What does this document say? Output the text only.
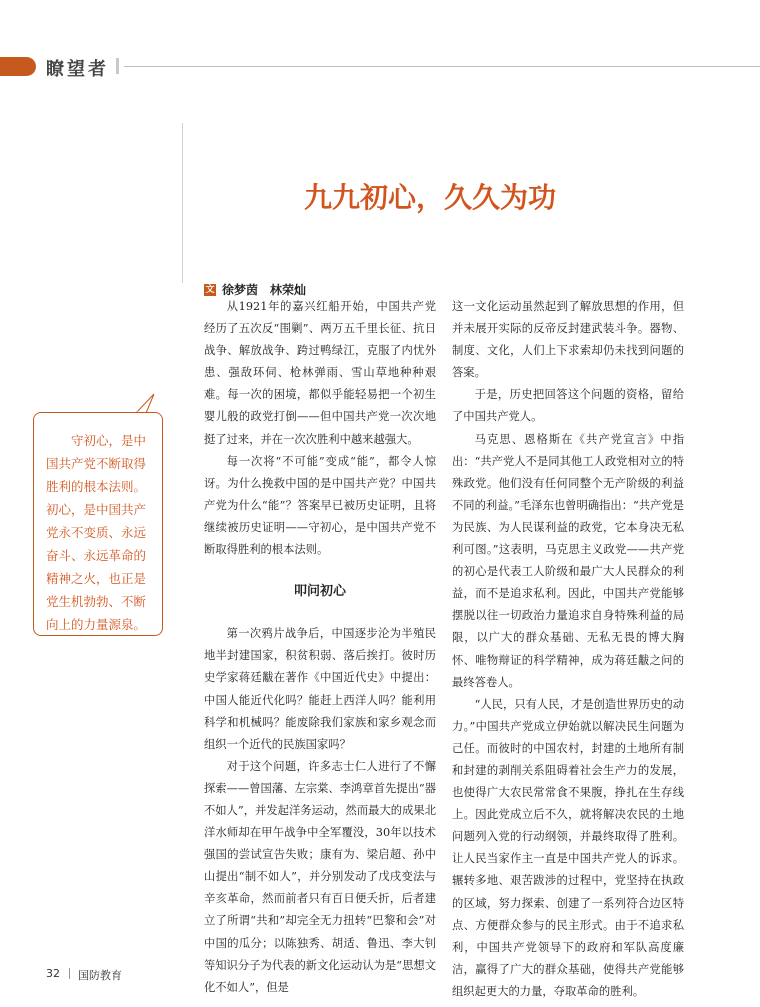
瞭望者
九九初心，久久为功
文 徐梦茵　林荣灿

守初心，是中国共产党不断取得胜利的根本法则。初心，是中国共产党永不变质、永远奋斗、永远革命的精神之火，也正是党生机勃勃、不断向上的力量源泉。

从1921年的嘉兴红船开始，中国共产党经历了五次反“围剿”、两万五千里长征、抗日战争、解放战争、跨过鸭绿江，克服了内忧外患、强敌环伺、枪林弹雨、雪山草地种种艰难。每一次的困境，都似乎能轻易把一个初生婴儿般的政党打倒——但中国共产党一次次地挺了过来，并在一次次胜利中越来越强大。

每一次将“不可能”变成“能”，都令人惊讶。为什么挽救中国的是中国共产党？中国共产党为什么“能”？答案早已被历史证明，且将继续被历史证明——守初心，是中国共产党不断取得胜利的根本法则。

叩问初心

第一次鸦片战争后，中国逐步沦为半殖民地半封建国家，积贫积弱、落后挨打。彼时历史学家蒋廷黻在著作《中国近代史》中提出：中国人能近代化吗？能赶上西洋人吗？能利用科学和机械吗？能废除我们家族和家乡观念而组织一个近代的民族国家吗？

对于这个问题，许多志士仁人进行了不懈探索——曾国藩、左宗棠、李鸿章首先提出“器不如人”，并发起洋务运动，然而最大的成果北洋水师却在甲午战争中全军覆没，30年以技术强国的尝试宣告失败；康有为、梁启超、孙中山提出“制不如人”，并分别发动了戊戌变法与辛亥革命，然而前者只有百日便夭折，后者建立了所谓“共和”却完全无力扭转“巴黎和会”对中国的瓜分；以陈独秀、胡适、鲁迅、李大钊等知识分子为代表的新文化运动认为是“思想文化不如人”，但是

这一文化运动虽然起到了解放思想的作用，但并未展开实际的反帝反封建武装斗争。器物、制度、文化，人们上下求索却仍未找到问题的答案。

于是，历史把回答这个问题的资格，留给了中国共产党人。

马克思、恩格斯在《共产党宣言》中指出：“共产党人不是同其他工人政党相对立的特殊政党。他们没有任何同整个无产阶级的利益不同的利益。”毛泽东也曾明确指出：“共产党是为民族、为人民谋利益的政党，它本身决无私利可图。”这表明，马克思主义政党——共产党的初心是代表工人阶级和最广大人民群众的利益，而不是追求私利。因此，中国共产党能够摆脱以往一切政治力量追求自身特殊利益的局限，以广大的群众基础、无私无畏的博大胸怀、唯物辩证的科学精神，成为蒋廷黻之问的最终答卷人。

“人民，只有人民，才是创造世界历史的动力。”中国共产党成立伊始就以解决民生问题为己任。而彼时的中国农村，封建的土地所有制和封建的剥削关系阻碍着社会生产力的发展，也使得广大农民常常食不果腹，挣扎在生存线上。因此党成立后不久，就将解决农民的土地问题列入党的行动纲领，并最终取得了胜利。让人民当家作主一直是中国共产党人的诉求。辗转多地、艰苦跋涉的过程中，党坚持在执政的区域，努力探索、创建了一系列符合边区特点、方便群众参与的民主形式。由于不追求私利，中国共产党领导下的政府和军队高度廉洁，赢得了广大的群众基础，使得共产党能够组织起更大的力量，夺取革命的胜利。

32 国防教育
